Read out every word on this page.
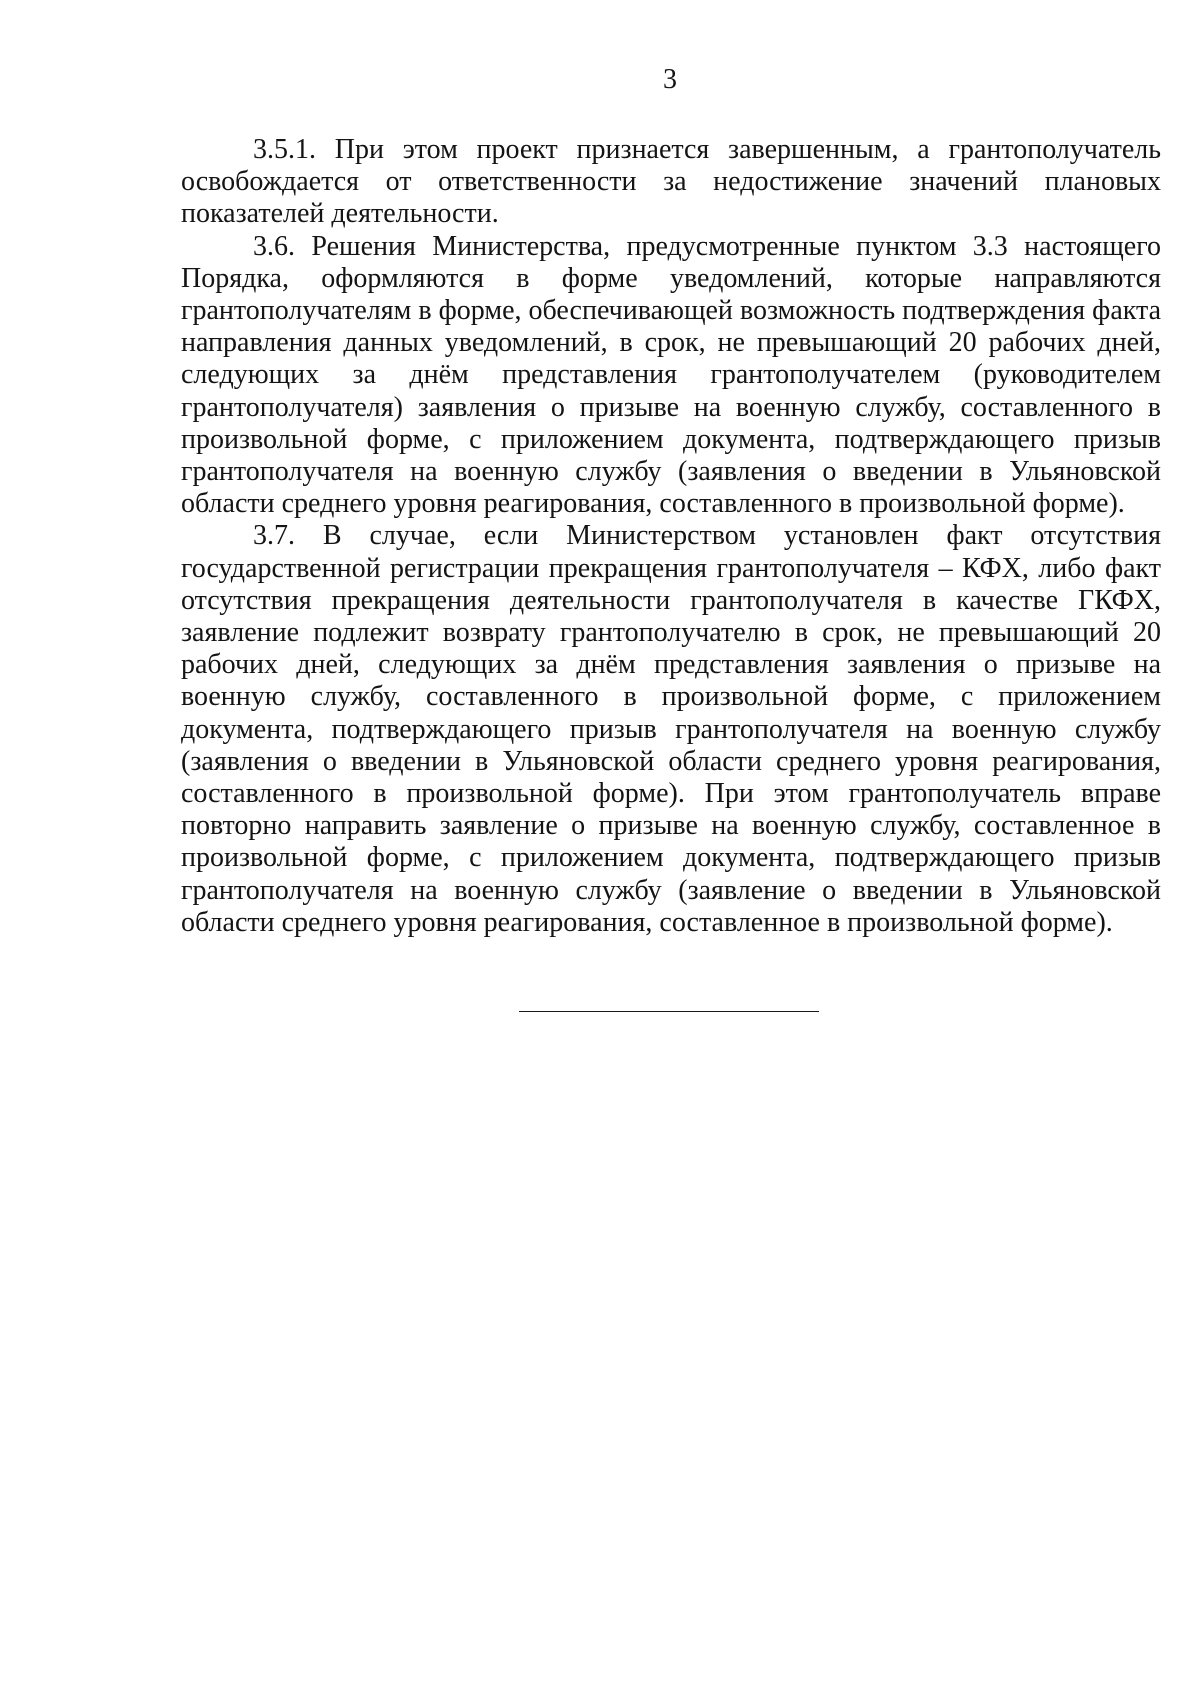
3

3.5.1. При этом проект признается завершенным, а грантополучатель освобождается от ответственности за недостижение значений плановых показателей деятельности.

3.6. Решения Министерства, предусмотренные пунктом 3.3 настоящего Порядка, оформляются в форме уведомлений, которые направляются грантополучателям в форме, обеспечивающей возможность подтверждения факта направления данных уведомлений, в срок, не превышающий 20 рабочих дней, следующих за днём представления грантополучателем (руководителем грантополучателя) заявления о призыве на военную службу, составленного в произвольной форме, с приложением документа, подтверждающего призыв грантополучателя на военную службу (заявления о введении в Ульяновской области среднего уровня реагирования, составленного в произвольной форме).

3.7. В случае, если Министерством установлен факт отсутствия государственной регистрации прекращения грантополучателя – КФХ, либо факт отсутствия прекращения деятельности грантополучателя в качестве ГКФХ, заявление подлежит возврату грантополучателю в срок, не превышающий 20 рабочих дней, следующих за днём представления заявления о призыве на военную службу, составленного в произвольной форме, с приложением документа, подтверждающего призыв грантополучателя на военную службу (заявления о введении в Ульяновской области среднего уровня реагирования, составленного в произвольной форме). При этом грантополучатель вправе повторно направить заявление о призыве на военную службу, составленное в произвольной форме, с приложением документа, подтверждающего призыв грантополучателя на военную службу (заявление о введении в Ульяновской области среднего уровня реагирования, составленное в произвольной форме).
